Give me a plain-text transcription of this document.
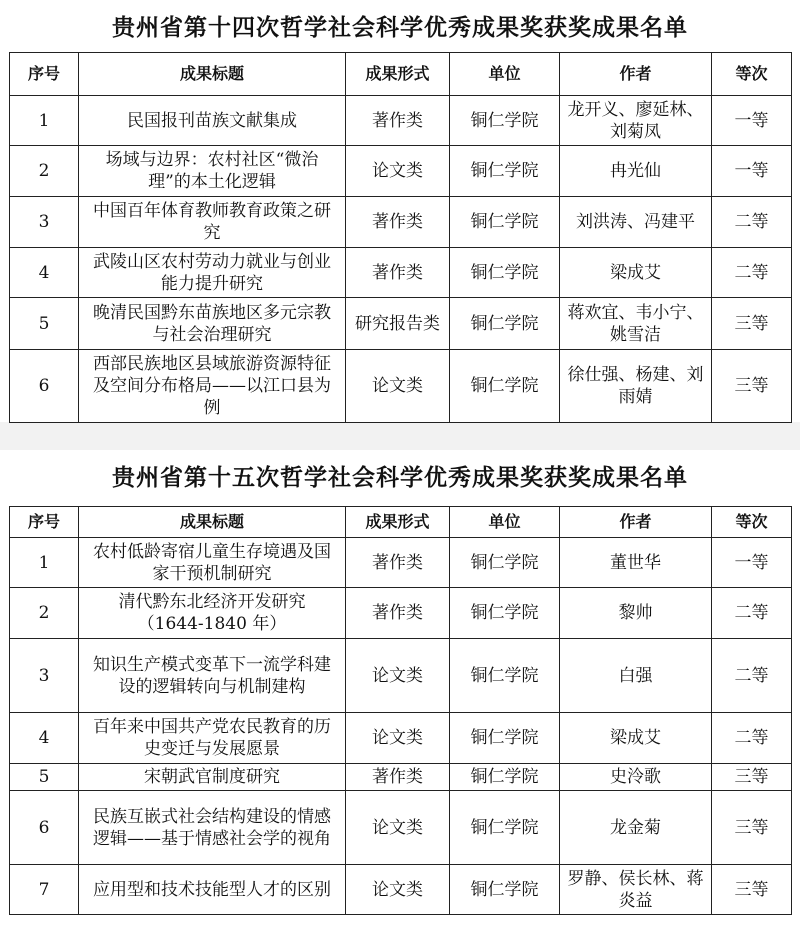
贵州省第十四次哲学社会科学优秀成果奖获奖成果名单
序号	成果标题	成果形式	单位	作者	等次
1	民国报刊苗族文献集成	著作类	铜仁学院	龙开义、廖延林、刘菊凤	一等
2	场域与边界：农村社区“微治理”的本土化逻辑	论文类	铜仁学院	冉光仙	一等
3	中国百年体育教师教育政策之研究	著作类	铜仁学院	刘洪涛、冯建平	二等
4	武陵山区农村劳动力就业与创业能力提升研究	著作类	铜仁学院	梁成艾	二等
5	晚清民国黔东苗族地区多元宗教与社会治理研究	研究报告类	铜仁学院	蒋欢宜、韦小宁、姚雪洁	三等
6	西部民族地区县域旅游资源特征及空间分布格局——以江口县为例	论文类	铜仁学院	徐仕强、杨建、刘雨婧	三等
贵州省第十五次哲学社会科学优秀成果奖获奖成果名单
序号	成果标题	成果形式	单位	作者	等次
1	农村低龄寄宿儿童生存境遇及国家干预机制研究	著作类	铜仁学院	董世华	一等
2	清代黔东北经济开发研究（1644-1840 年）	著作类	铜仁学院	黎帅	二等
3	知识生产模式变革下一流学科建设的逻辑转向与机制建构	论文类	铜仁学院	白强	二等
4	百年来中国共产党农民教育的历史变迁与发展愿景	论文类	铜仁学院	梁成艾	二等
5	宋朝武官制度研究	著作类	铜仁学院	史泠歌	三等
6	民族互嵌式社会结构建设的情感逻辑——基于情感社会学的视角	论文类	铜仁学院	龙金菊	三等
7	应用型和技术技能型人才的区别	论文类	铜仁学院	罗静、侯长林、蒋炎益	三等
